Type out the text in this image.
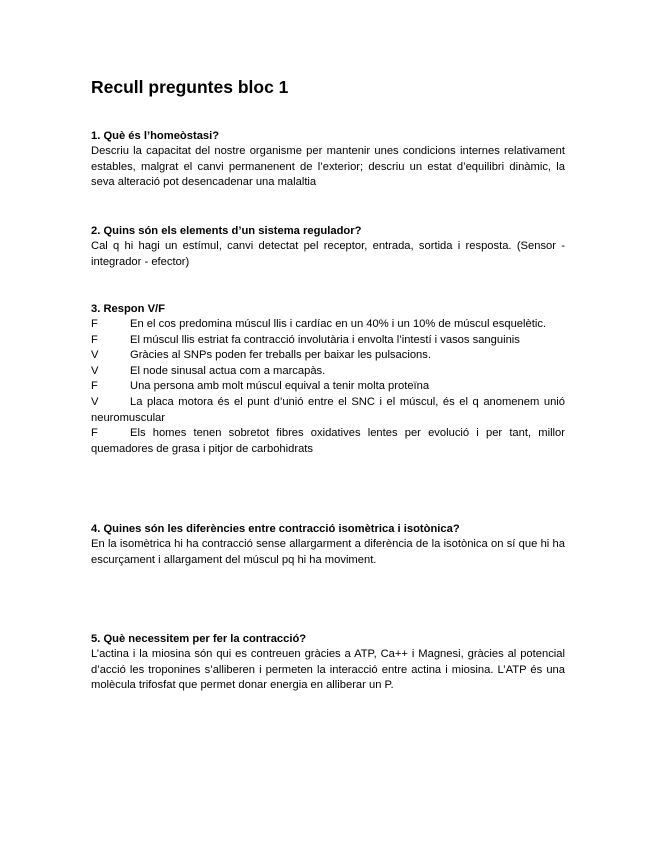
Recull preguntes bloc 1

1. Què és l’homeòstasi?

Descriu la capacitat del nostre organisme per mantenir unes condicions internes relativament estables, malgrat el canvi permanenent de l’exterior; descriu un estat d’equilibri dinàmic, la seva alteració pot desencadenar una malaltia

2. Quins són els elements d’un sistema regulador?

Cal q hi hagi un estímul, canvi detectat pel receptor, entrada, sortida i resposta. (Sensor - integrador - efector)

3. Respon V/F

F	En el cos predomina múscul llis i cardíac en un 40% i un 10% de múscul esquelètic.
F	El múscul llis estriat fa contracció involutària i envolta l’intestí i vasos sanguinis
V	Gràcies al SNPs poden fer treballs per baixar les pulsacions.
V	El node sinusal actua com a marcapàs.
F	Una persona amb molt múscul equival a tenir molta proteïna
V	La placa motora és el punt d’unió entre el SNC i el múscul, és el q anomenem unió neuromuscular
F	Els homes tenen sobretot fibres oxidatives lentes per evolució i per tant, millor quemadores de grasa i pitjor de carbohidrats

4. Quines són les diferències entre contracció isomètrica i isotònica?

En la isomètrica hi ha contracció sense allargarment a diferència de la isotònica on sí que hi ha escurçament i allargament del múscul pq hi ha moviment.

5. Què necessitem per fer la contracció?

L’actina i la miosina són qui es contreuen gràcies a ATP, Ca++ i Magnesi, gràcies al potencial d’acció les troponines s’alliberen i permeten la interacció entre actina i miosina. L’ATP és una molècula trifosfat que permet donar energia en alliberar un P.
